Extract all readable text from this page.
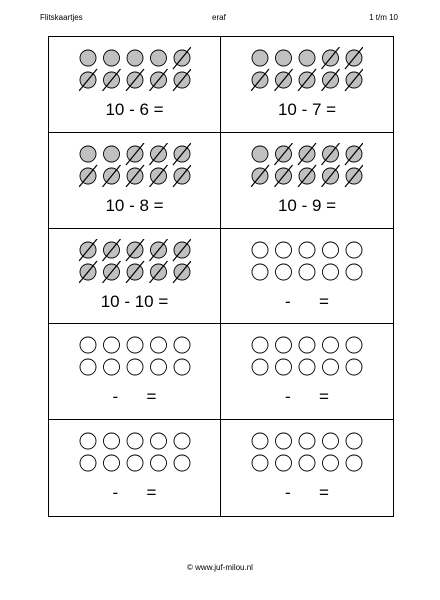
Flitskaartjes	eraf	1 t/m 10
10 - 6 =	10 - 7 =
10 - 8 =	10 - 9 =
10 - 10 =	-      =
-      =	-      =
-      =	-      =
© www.juf-milou.nl
